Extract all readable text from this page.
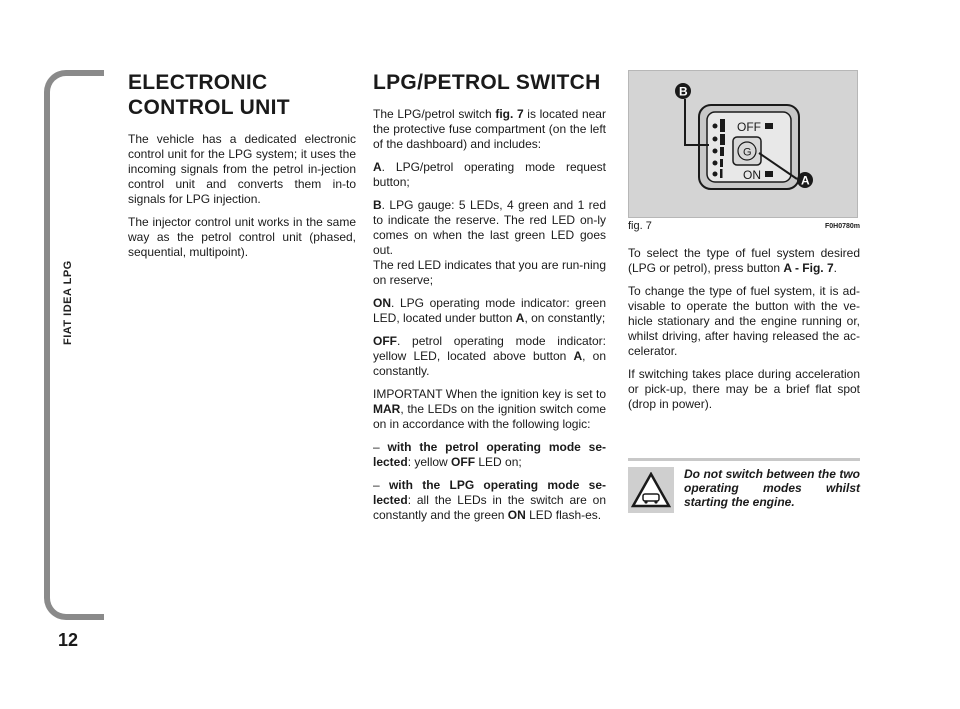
FIAT IDEA LPG
12
ELECTRONIC
CONTROL UNIT

The vehicle has a dedicated electronic control unit for the LPG system; it uses the incoming signals from the petrol in-jection control unit and converts them in-to signals for LPG injection.

The injector control unit works in the same way as the petrol control unit (phased, sequential, multipoint).

LPG/PETROL SWITCH

The LPG/petrol switch fig. 7 is located near the protective fuse compartment (on the left of the dashboard) and includes:

A. LPG/petrol operating mode request button;

B. LPG gauge: 5 LEDs, 4 green and 1 red to indicate the reserve. The red LED on-ly comes on when the last green LED goes out.

The red LED indicates that you are run-ning on reserve;

ON. LPG operating mode indicator: green LED, located under button A, on constantly;

OFF. petrol operating mode indicator: yellow LED, located above button A, on constantly.

IMPORTANT When the ignition key is set to MAR, the LEDs on the ignition switch come on in accordance with the following logic:

– with the petrol operating mode se-lected: yellow OFF LED on;

– with the LPG operating mode se-lected: all the LEDs in the switch are on constantly and the green ON LED flash-es.

OFF
ON
G
B
A
fig. 7	F0H0780m

To select the type of fuel system desired (LPG or petrol), press button A - Fig. 7.

To change the type of fuel system, it is ad-visable to operate the button with the ve-hicle stationary and the engine running or, whilst driving, after having released the ac-celerator.

If switching takes place during acceleration or pick-up, there may be a brief flat spot (drop in power).

Do not switch between the two operating modes whilst starting the engine.
